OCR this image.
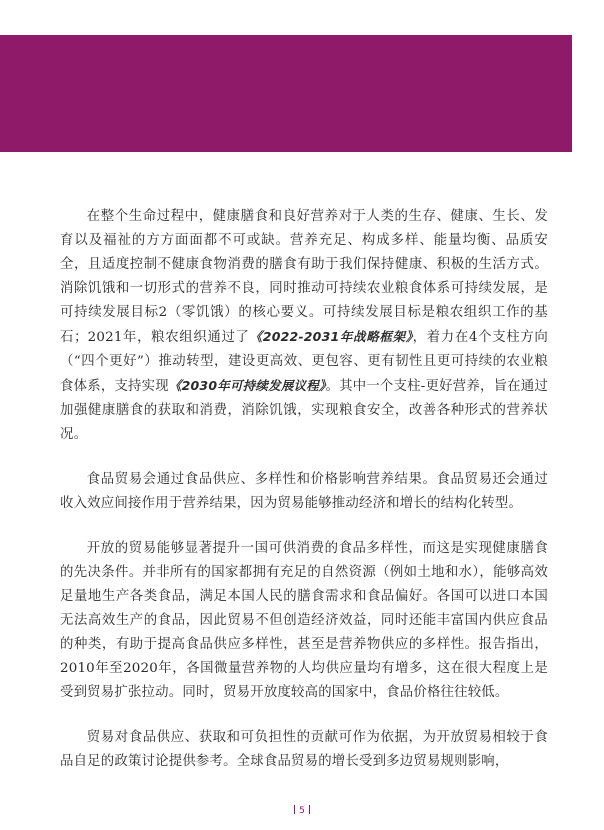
在整个生命过程中，健康膳食和良好营养对于人类的生存、健康、生长、发育以及福祉的方方面面都不可或缺。营养充足、构成多样、能量均衡、品质安全，且适度控制不健康食物消费的膳食有助于我们保持健康、积极的生活方式。消除饥饿和一切形式的营养不良，同时推动可持续农业粮食体系可持续发展，是可持续发展目标2（零饥饿）的核心要义。可持续发展目标是粮农组织工作的基石；2021年，粮农组织通过了《2022-2031年战略框架》，着力在4个支柱方向（“四个更好”）推动转型，建设更高效、更包容、更有韧性且更可持续的农业粮食体系，支持实现《2030年可持续发展议程》。其中一个支柱-更好营养，旨在通过加强健康膳食的获取和消费，消除饥饿，实现粮食安全，改善各种形式的营养状况。

食品贸易会通过食品供应、多样性和价格影响营养结果。食品贸易还会通过收入效应间接作用于营养结果，因为贸易能够推动经济和增长的结构化转型。

开放的贸易能够显著提升一国可供消费的食品多样性，而这是实现健康膳食的先决条件。并非所有的国家都拥有充足的自然资源（例如土地和水），能够高效足量地生产各类食品，满足本国人民的膳食需求和食品偏好。各国可以进口本国无法高效生产的食品，因此贸易不但创造经济效益，同时还能丰富国内供应食品的种类，有助于提高食品供应多样性，甚至是营养物供应的多样性。报告指出，2010年至2020年，各国微量营养物的人均供应量均有增多，这在很大程度上是受到贸易扩张拉动。同时，贸易开放度较高的国家中，食品价格往往较低。

贸易对食品供应、获取和可负担性的贡献可作为依据，为开放贸易相较于食品自足的政策讨论提供参考。全球食品贸易的增长受到多边贸易规则影响，

5
